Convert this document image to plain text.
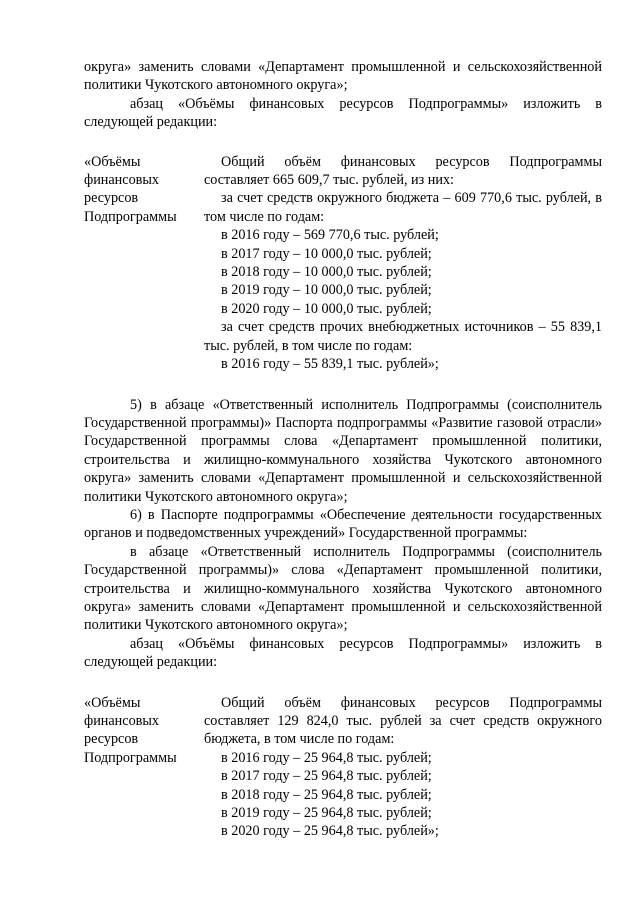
округа» заменить словами «Департамент промышленной и сельскохозяйственной политики Чукотского автономного округа»;

абзац «Объёмы финансовых ресурсов Подпрограммы» изложить в следующей редакции:

«Объёмы
финансовых
ресурсов
Подпрограммы

Общий объём финансовых ресурсов Подпрограммы составляет 665 609,7 тыс. рублей, из них:

за счет средств окружного бюджета – 609 770,6 тыс. рублей, в том числе по годам:

в 2016 году – 569 770,6 тыс. рублей;

в 2017 году – 10 000,0 тыс. рублей;

в 2018 году – 10 000,0 тыс. рублей;

в 2019 году – 10 000,0 тыс. рублей;

в 2020 году – 10 000,0 тыс. рублей;

за счет средств прочих внебюджетных источников – 55 839,1 тыс. рублей, в том числе по годам:

в 2016 году – 55 839,1 тыс. рублей»;

5) в абзаце «Ответственный исполнитель Подпрограммы (соисполнитель Государственной программы)» Паспорта подпрограммы «Развитие газовой отрасли» Государственной программы слова «Департамент промышленной политики, строительства и жилищно-коммунального хозяйства Чукотского автономного округа» заменить словами «Департамент промышленной и сельскохозяйственной политики Чукотского автономного округа»;

6) в Паспорте подпрограммы «Обеспечение деятельности государственных органов и подведомственных учреждений» Государственной программы:

в абзаце «Ответственный исполнитель Подпрограммы (соисполнитель Государственной программы)» слова «Департамент промышленной политики, строительства и жилищно-коммунального хозяйства Чукотского автономного округа» заменить словами «Департамент промышленной и сельскохозяйственной политики Чукотского автономного округа»;

абзац «Объёмы финансовых ресурсов Подпрограммы» изложить в следующей редакции:

«Объёмы
финансовых
ресурсов
Подпрограммы

Общий объём финансовых ресурсов Подпрограммы составляет 129 824,0 тыс. рублей за счет средств окружного бюджета, в том числе по годам:

в 2016 году – 25 964,8 тыс. рублей;

в 2017 году – 25 964,8 тыс. рублей;

в 2018 году – 25 964,8 тыс. рублей;

в 2019 году – 25 964,8 тыс. рублей;

в 2020 году – 25 964,8 тыс. рублей»;
